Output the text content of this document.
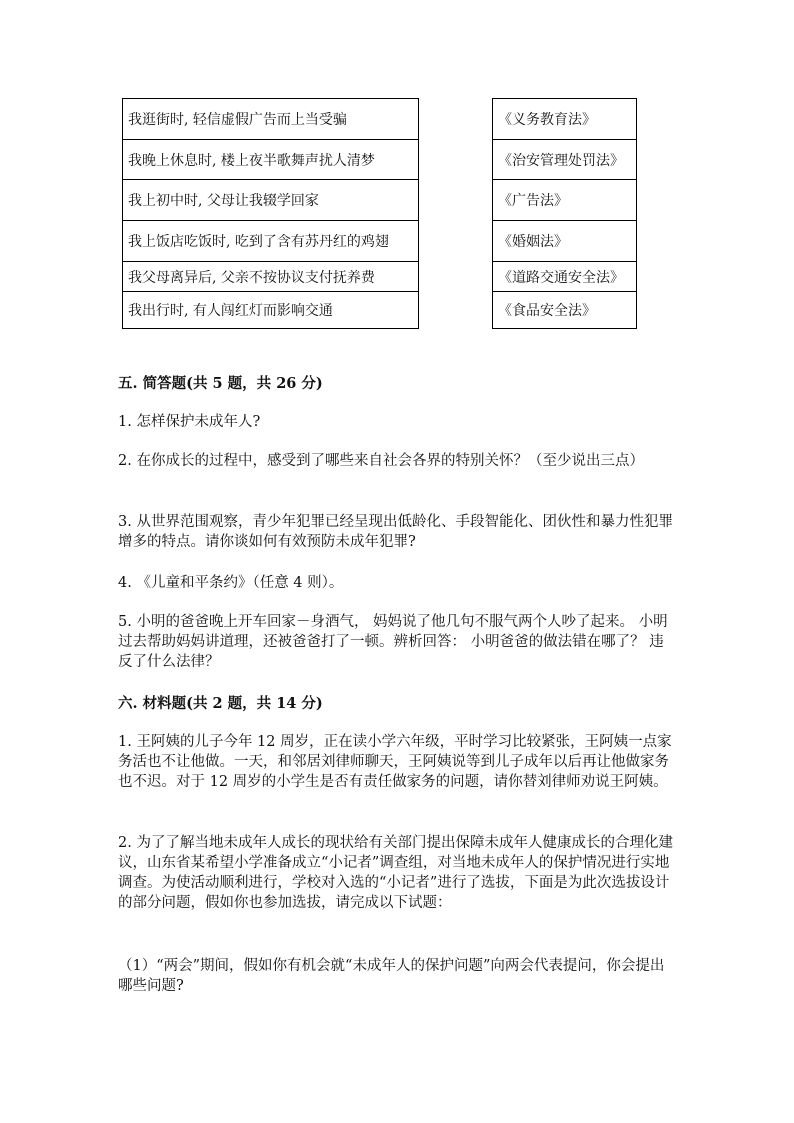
我逛街时, 轻信虚假广告而上当受骗
我晚上休息时, 楼上夜半歌舞声扰人清梦
我上初中时, 父母让我辍学回家
我上饭店吃饭时, 吃到了含有苏丹红的鸡翅
我父母离异后, 父亲不按协议支付抚养费
我出行时, 有人闯红灯而影响交通
《义务教育法》
《治安管理处罚法》
《广告法》
《婚姻法》
《道路交通安全法》
《食品安全法》
五. 简答题(共 5 题，共 26 分)
1. 怎样保护未成年人?
2. 在你成长的过程中，感受到了哪些来自社会各界的特别关怀？（至少说出三点）
3. 从世界范围观察，青少年犯罪已经呈现出低龄化、手段智能化、团伙性和暴力性犯罪增多的特点。请你谈如何有效预防未成年犯罪?
4. 《儿童和平条约》（任意 4 则）。
5. 小明的爸爸晚上开车回家－身酒气， 妈妈说了他几句不服气两个人吵了起来。 小明过去帮助妈妈讲道理，还被爸爸打了一顿。辨析回答： 小明爸爸的做法错在哪了？ 违反了什么法律？
六. 材料题(共 2 题，共 14 分)
1. 王阿姨的儿子今年 12 周岁，正在读小学六年级，平时学习比较紧张，王阿姨一点家务活也不让他做。一天，和邻居刘律师聊天，王阿姨说等到儿子成年以后再让他做家务也不迟。对于 12 周岁的小学生是否有责任做家务的问题，请你替刘律师劝说王阿姨。
2. 为了了解当地未成年人成长的现状给有关部门提出保障未成年人健康成长的合理化建议，山东省某希望小学准备成立“小记者”调查组，对当地未成年人的保护情况进行实地调查。为使活动顺利进行，学校对入选的“小记者”进行了选拔，下面是为此次选拔设计的部分问题，假如你也参加选拔，请完成以下试题：
（1）“两会”期间，假如你有机会就“未成年人的保护问题”向两会代表提问，你会提出哪些问题?
